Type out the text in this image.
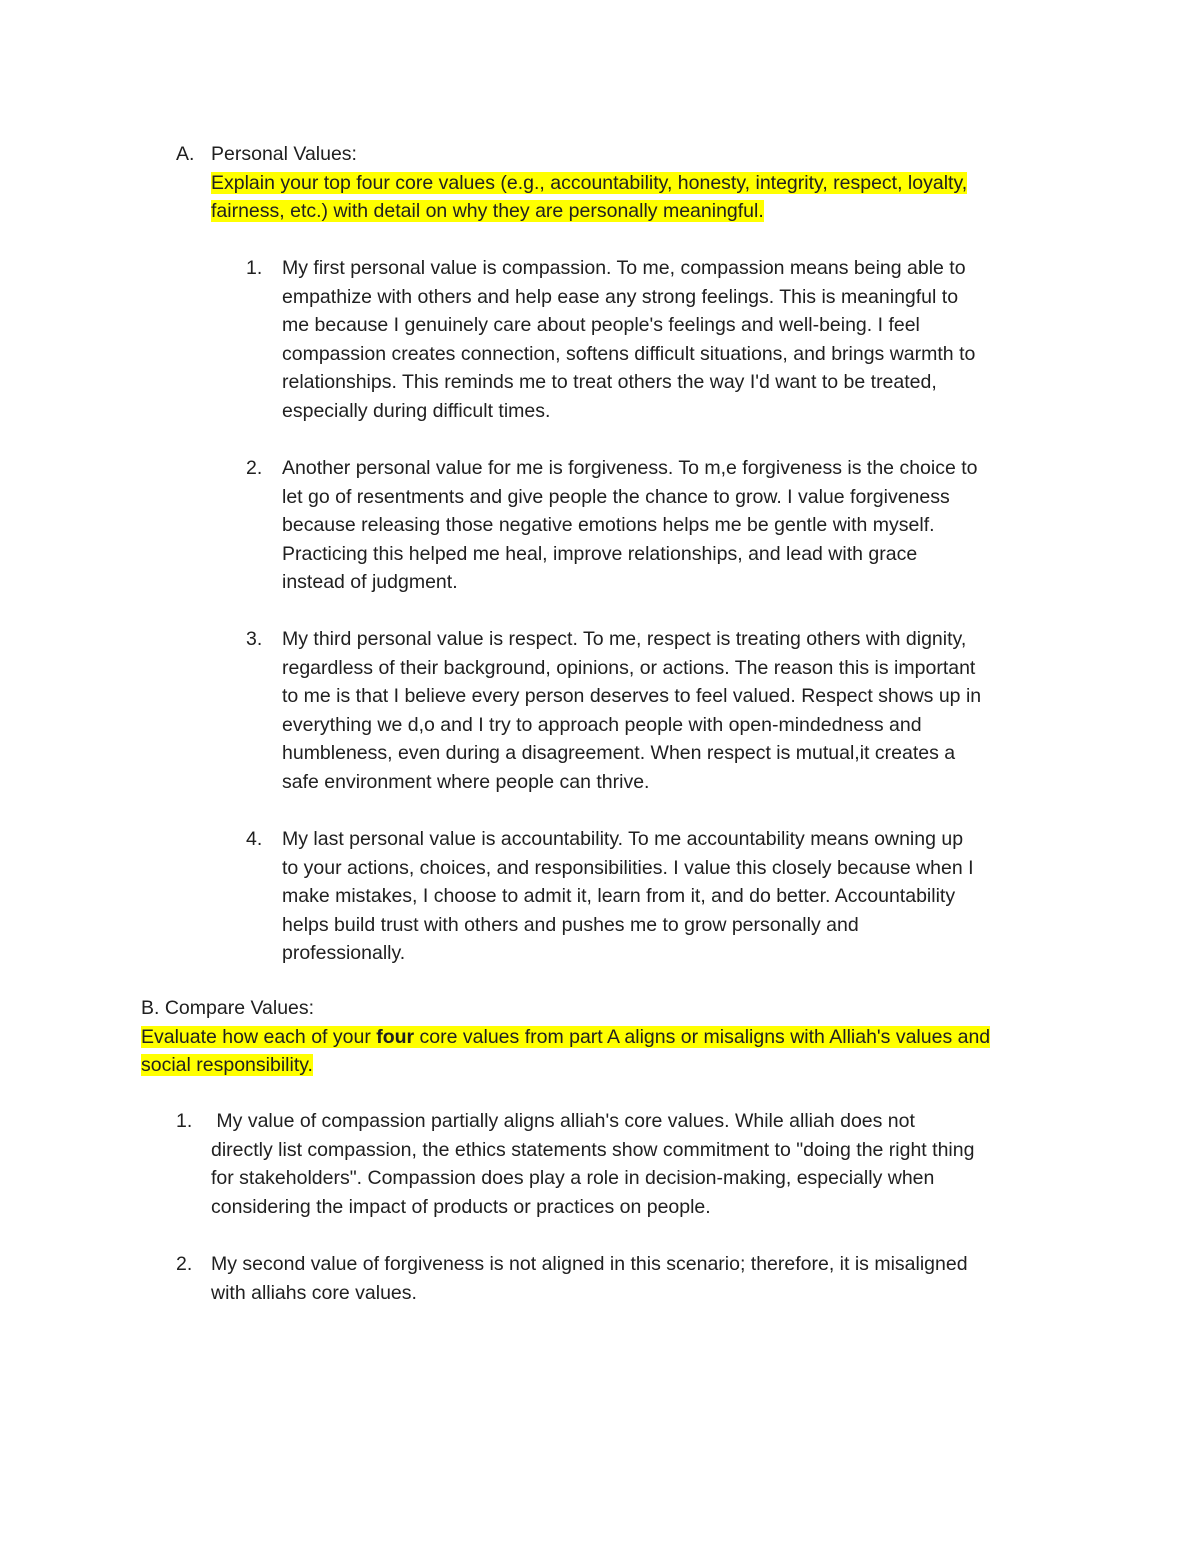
A. Personal Values:
Explain your top four core values (e.g., accountability, honesty, integrity, respect, loyalty,
fairness, etc.) with detail on why they are personally meaningful.
1. My first personal value is compassion. To me, compassion means being able to
empathize with others and help ease any strong feelings. This is meaningful to
me because I genuinely care about people's feelings and well-being. I feel
compassion creates connection, softens difficult situations, and brings warmth to
relationships. This reminds me to treat others the way I'd want to be treated,
especially during difficult times.
2. Another personal value for me is forgiveness. To m,e forgiveness is the choice to
let go of resentments and give people the chance to grow. I value forgiveness
because releasing those negative emotions helps me be gentle with myself.
Practicing this helped me heal, improve relationships, and lead with grace
instead of judgment.
3. My third personal value is respect. To me, respect is treating others with dignity,
regardless of their background, opinions, or actions. The reason this is important
to me is that I believe every person deserves to feel valued. Respect shows up in
everything we d,o and I try to approach people with open-mindedness and
humbleness, even during a disagreement. When respect is mutual,it creates a
safe environment where people can thrive.
4. My last personal value is accountability. To me accountability means owning up
to your actions, choices, and responsibilities. I value this closely because when I
make mistakes, I choose to admit it, learn from it, and do better. Accountability
helps build trust with others and pushes me to grow personally and
professionally.
B. Compare Values:
Evaluate how each of your four core values from part A aligns or misaligns with Alliah's values and
social responsibility.
1. My value of compassion partially aligns alliah's core values. While alliah does not
directly list compassion, the ethics statements show commitment to "doing the right thing
for stakeholders". Compassion does play a role in decision-making, especially when
considering the impact of products or practices on people.
2. My second value of forgiveness is not aligned in this scenario; therefore, it is misaligned
with alliahs core values.
